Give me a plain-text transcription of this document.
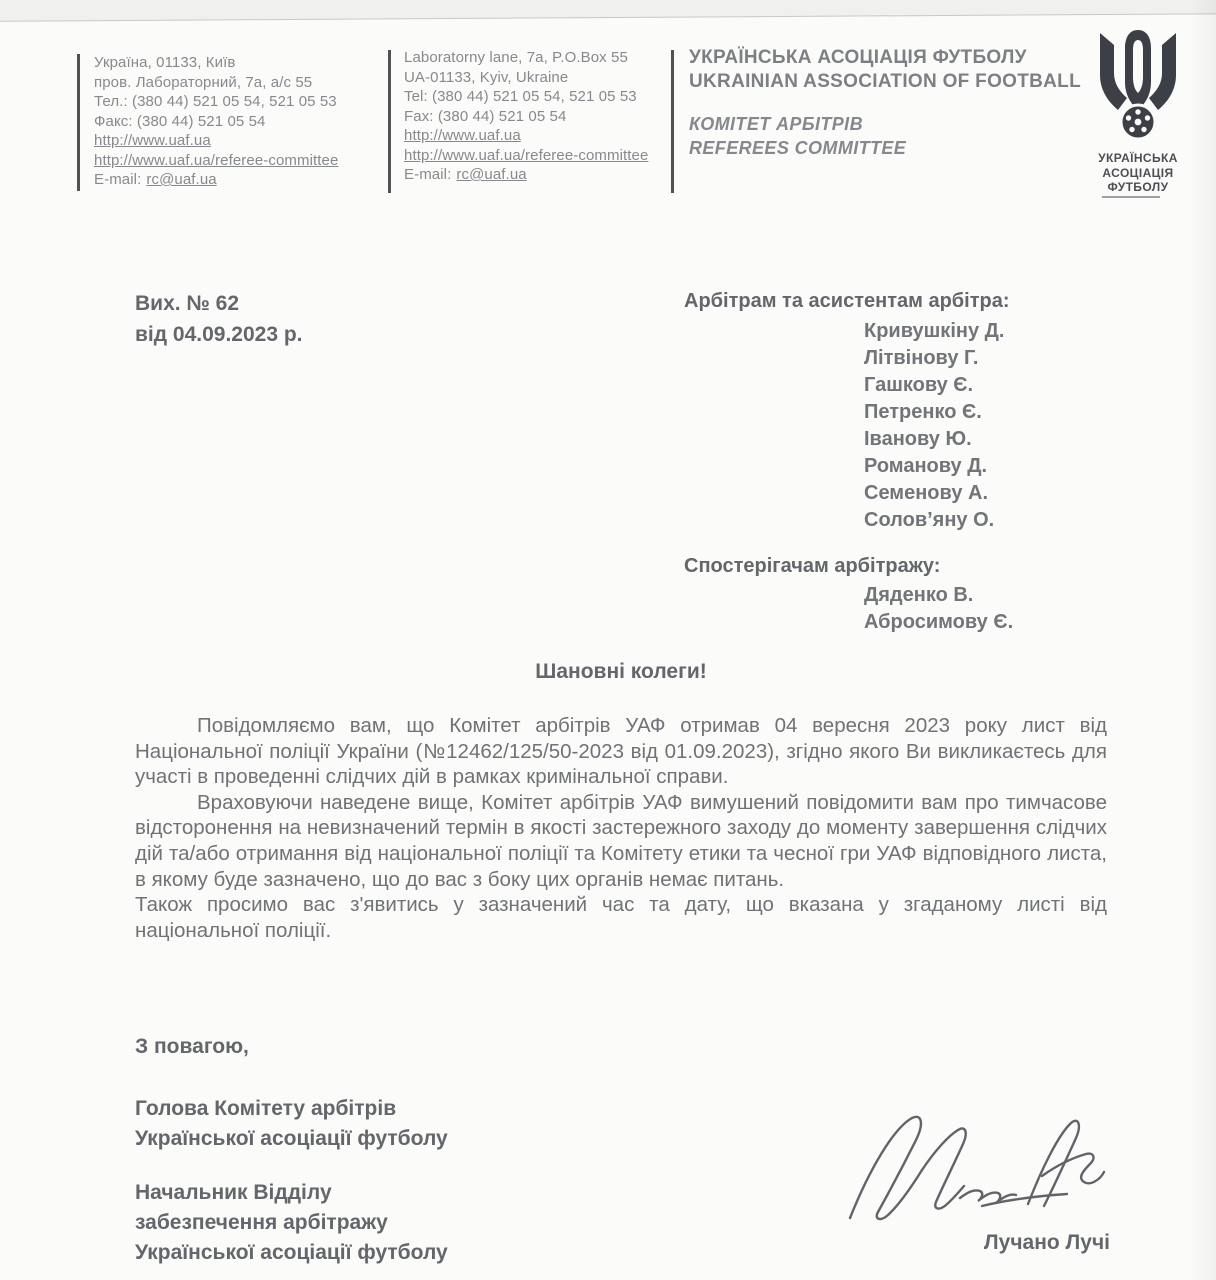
Україна, 01133, Київ
пров. Лабораторний, 7а, а/с 55
Тел.: (380 44) 521 05 54, 521 05 53
Факс: (380 44) 521 05 54
http://www.uaf.ua
http://www.uaf.ua/referee-committee
E-mail: rc@uaf.ua
Laboratorny lane, 7a, P.O.Box 55
UA-01133, Kyiv, Ukraine
Tel: (380 44) 521 05 54, 521 05 53
Fax: (380 44) 521 05 54
http://www.uaf.ua
http://www.uaf.ua/referee-committee
E-mail: rc@uaf.ua
УКРАЇНСЬКА АСОЦІАЦІЯ ФУТБОЛУ
UKRAINIAN ASSOCIATION OF FOOTBALL
КОМІТЕТ АРБІТРІВ
REFEREES COMMITTEE	УКРАЇНСЬКА
АСОЦІАЦІЯ
ФУТБОЛУ
Вих. № 62
від 04.09.2023 р.
Арбітрам та асистентам арбітра:
Кривушкіну Д.
Літвінову Г.
Гашкову Є.
Петренко Є.
Іванову Ю.
Романову Д.
Семенову А.
Солов’яну О.
Спостерігачам арбітражу:
Дяденко В.
Абросимову Є.
Шановні колеги!

Повідомляємо вам, що Комітет арбітрів УАФ отримав 04 вересня 2023 року лист від Національної поліції України (№12462/125/50-2023 від 01.09.2023), згідно якого Ви викликаєтесь для участі в проведенні слідчих дій в рамках кримінальної справи.

Враховуючи наведене вище, Комітет арбітрів УАФ вимушений повідомити вам про тимчасове відсторонення на невизначений термін в якості застережного заходу до моменту завершення слідчих дій та/або отримання від національної поліції та Комітету етики та чесної гри УАФ відповідного листа, в якому буде зазначено, що до вас з боку цих органів немає питань.

Також просимо вас з'явитись у зазначений час та дату, що вказана у згаданому листі від національної поліції.

З повагою,
Голова Комітету арбітрів
Української асоціації футболу
Начальник Відділу
забезпечення арбітражу
Української асоціації футболу	Лучано Лучі
